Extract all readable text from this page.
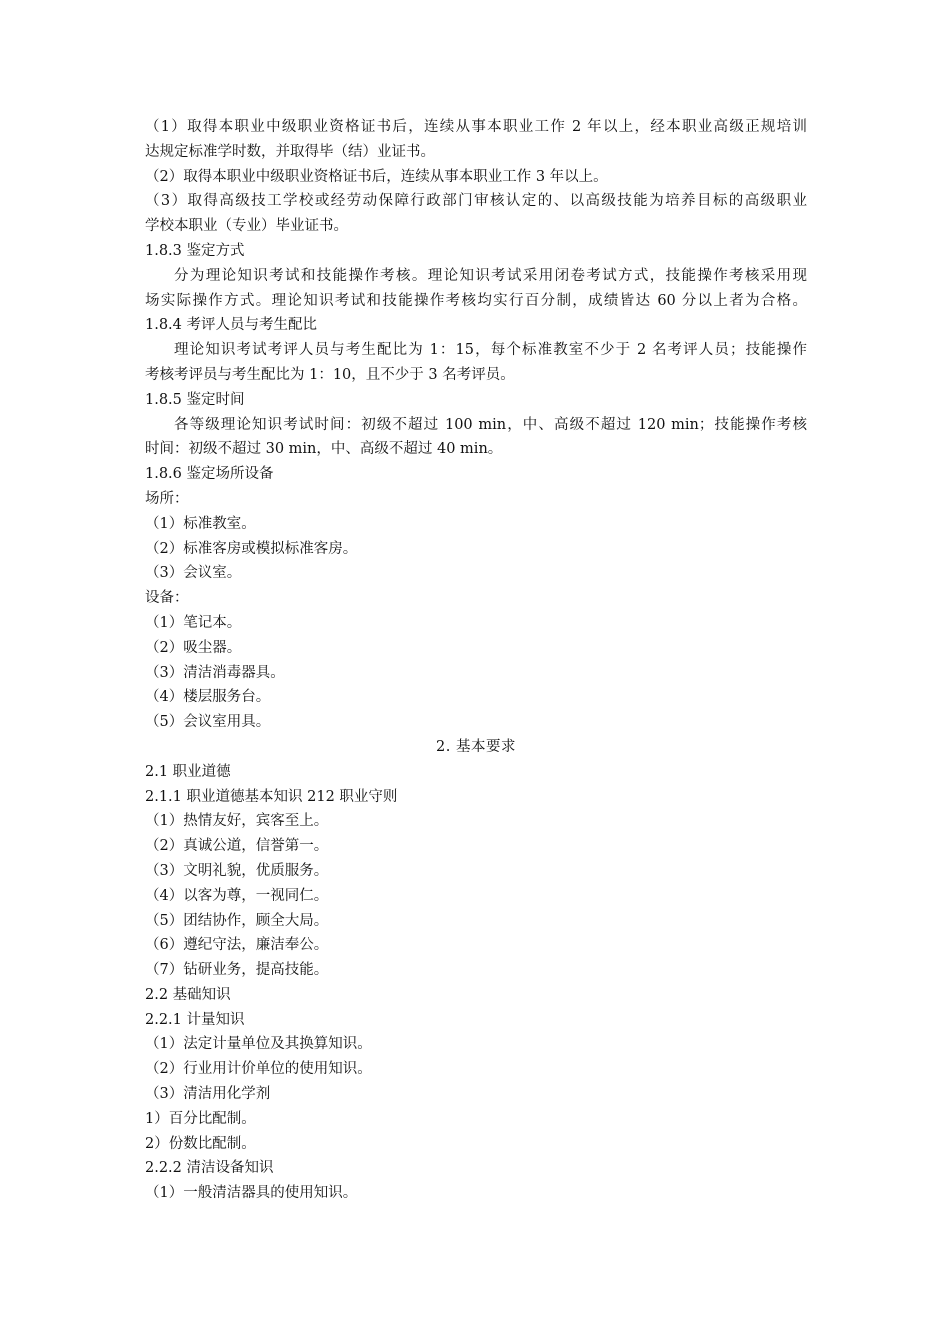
（1）取得本职业中级职业资格证书后，连续从事本职业工作 2 年以上，经本职业高级正规培训
达规定标准学时数，并取得毕（结）业证书。
（2）取得本职业中级职业资格证书后，连续从事本职业工作 3 年以上。
（3）取得高级技工学校或经劳动保障行政部门审核认定的、以高级技能为培养目标的高级职业
学校本职业（专业）毕业证书。
1.8.3 鉴定方式
分为理论知识考试和技能操作考核。理论知识考试采用闭卷考试方式，技能操作考核采用现
场实际操作方式。理论知识考试和技能操作考核均实行百分制，成绩皆达 60 分以上者为合格。
1.8.4 考评人员与考生配比
理论知识考试考评人员与考生配比为 1：15，每个标准教室不少于 2 名考评人员；技能操作
考核考评员与考生配比为 1：10，且不少于 3 名考评员。
1.8.5 鉴定时间
各等级理论知识考试时间：初级不超过 100 min，中、高级不超过 120 min；技能操作考核
时间：初级不超过 30 min，中、高级不超过 40 min。
1.8.6 鉴定场所设备
场所：
（1）标准教室。
（2）标准客房或模拟标准客房。
（3）会议室。
设备：
（1）笔记本。
（2）吸尘器。
（3）清洁消毒器具。
（4）楼层服务台。
（5）会议室用具。
2. 基本要求
2.1 职业道德
2.1.1 职业道德基本知识 212 职业守则
（1）热情友好，宾客至上。
（2）真诚公道，信誉第一。
（3）文明礼貌，优质服务。
（4）以客为尊，一视同仁。
（5）团结协作，顾全大局。
（6）遵纪守法，廉洁奉公。
（7）钻研业务，提高技能。
2.2 基础知识
2.2.1 计量知识
（1）法定计量单位及其换算知识。
（2）行业用计价单位的使用知识。
（3）清洁用化学剂
1）百分比配制。
2）份数比配制。
2.2.2 清洁设备知识
（1）一般清洁器具的使用知识。
